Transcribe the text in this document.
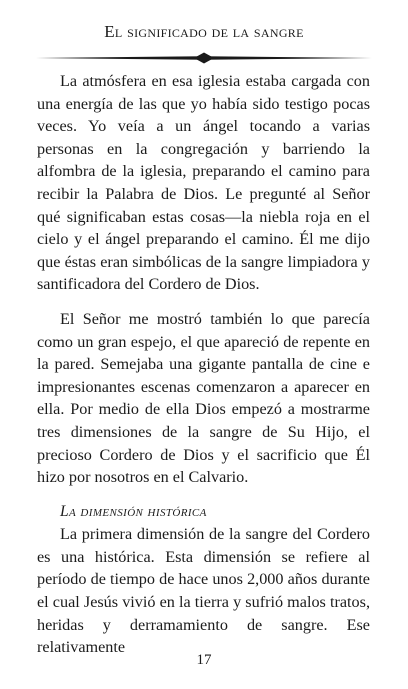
El significado de la sangre

La atmósfera en esa iglesia estaba cargada con una energía de las que yo había sido testigo pocas veces. Yo veía a un ángel tocando a varias personas en la congregación y barriendo la alfombra de la iglesia, preparando el camino para recibir la Palabra de Dios. Le pregunté al Señor qué significaban estas cosas—la niebla roja en el cielo y el ángel preparando el camino. Él me dijo que éstas eran simbólicas de la sangre limpiadora y santificadora del Cordero de Dios.

El Señor me mostró también lo que parecía como un gran espejo, el que apareció de repente en la pared. Semejaba una gigante pantalla de cine e impresionantes escenas comenzaron a aparecer en ella. Por medio de ella Dios empezó a mostrarme tres dimensiones de la sangre de Su Hijo, el precioso Cordero de Dios y el sacrificio que Él hizo por nosotros en el Calvario.

La dimensión histórica

La primera dimensión de la sangre del Cordero es una histórica. Esta dimensión se refiere al período de tiempo de hace unos 2,000 años durante el cual Jesús vivió en la tierra y sufrió malos tratos, heridas y derramamiento de sangre. Ese relativamente

17
